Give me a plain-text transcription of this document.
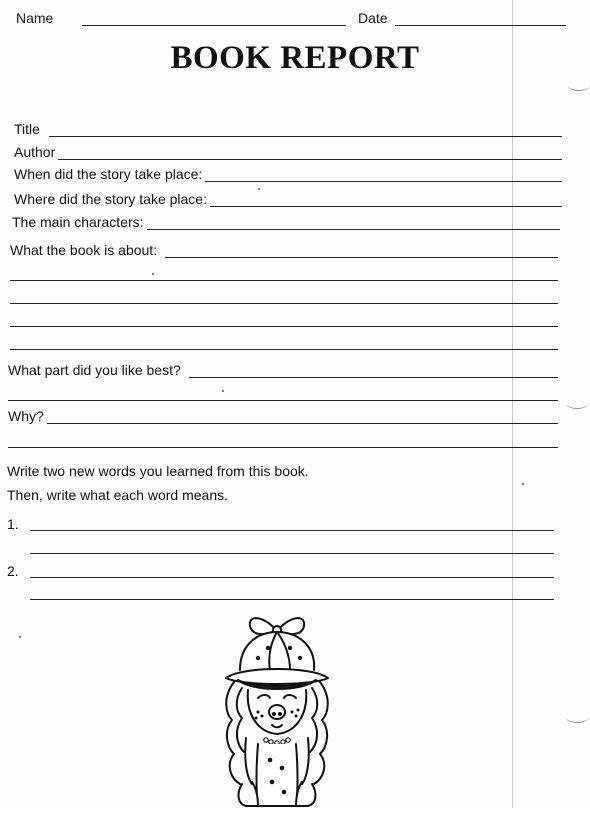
Name	Date
BOOK REPORT
Title
Author
When did the story take place:
Where did the story take place:
The main characters:
What the book is about:
What part did you like best?
Why?
Write two new words you learned from this book.
Then, write what each word means.
1.
2.
